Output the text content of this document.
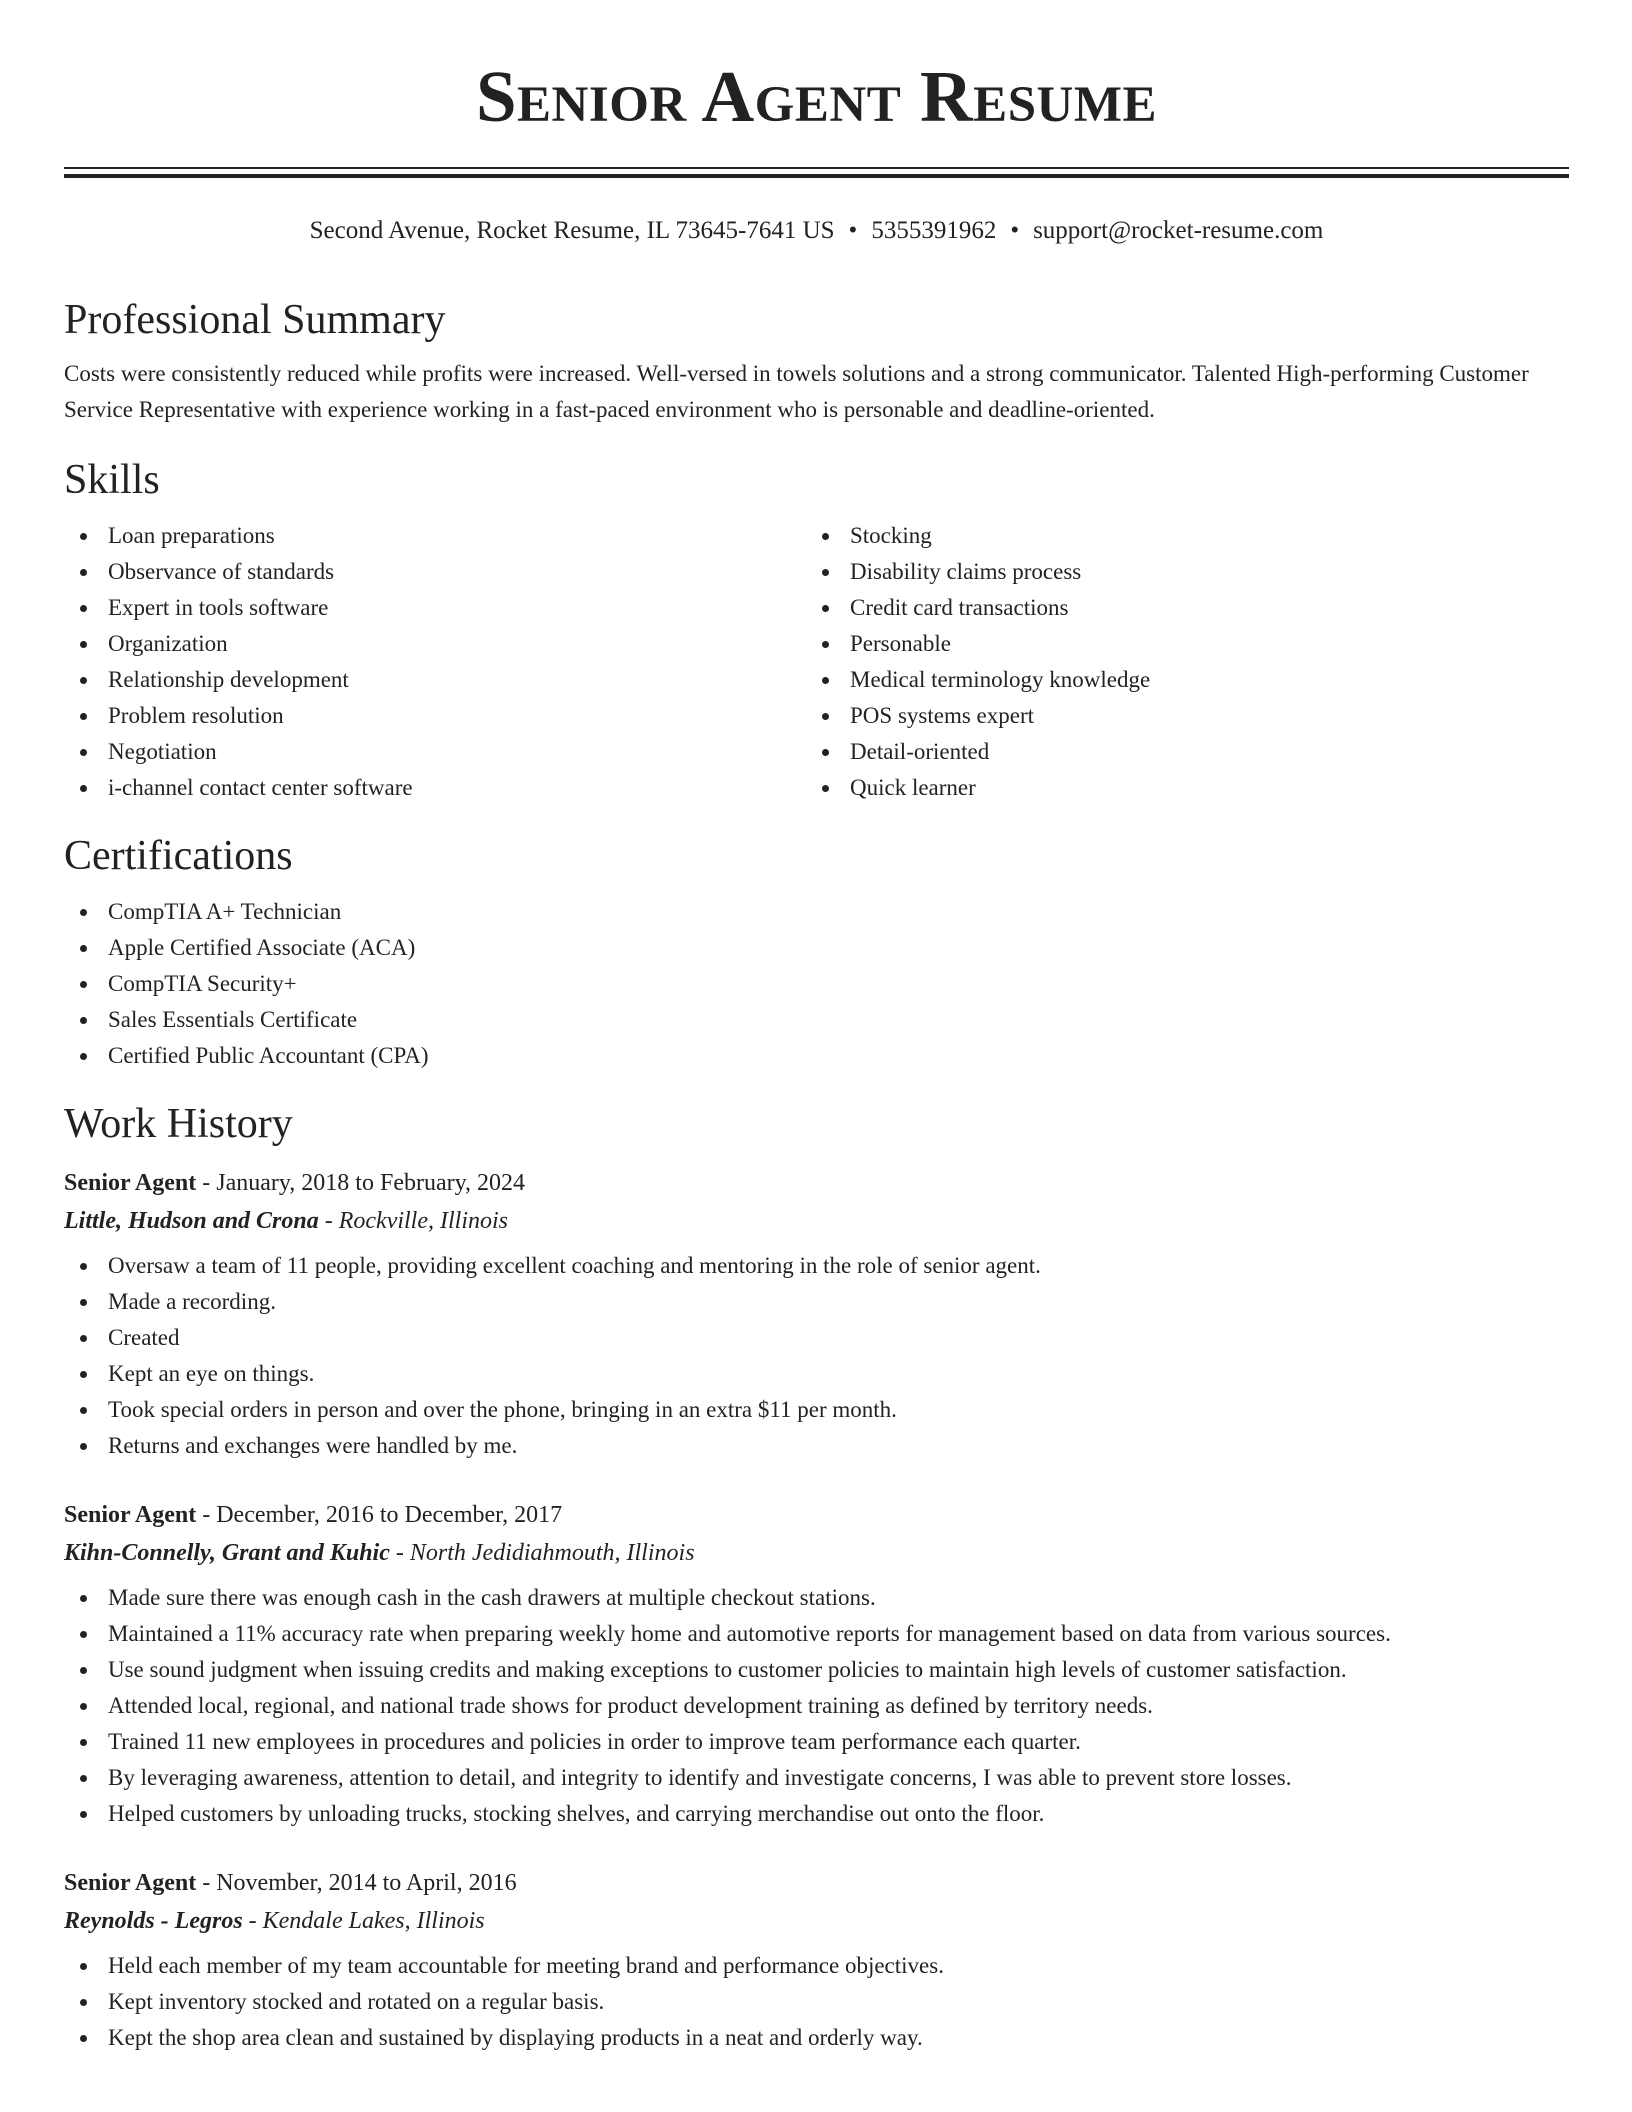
Senior Agent Resume
Second Avenue, Rocket Resume, IL 73645-7641 US • 5355391962 • support@rocket-resume.com
Professional Summary

Costs were consistently reduced while profits were increased. Well-versed in towels solutions and a strong communicator. Talented High-performing Customer Service Representative with experience working in a fast-paced environment who is personable and deadline-oriented.

Skills
Loan preparations
Observance of standards
Expert in tools software
Organization
Relationship development
Problem resolution
Negotiation
i-channel contact center software
Stocking
Disability claims process
Credit card transactions
Personable
Medical terminology knowledge
POS systems expert
Detail-oriented
Quick learner
Certifications
CompTIA A+ Technician
Apple Certified Associate (ACA)
CompTIA Security+
Sales Essentials Certificate
Certified Public Accountant (CPA)
Work History
Senior Agent - January, 2018 to February, 2024
Little, Hudson and Crona - Rockville, Illinois
Oversaw a team of 11 people, providing excellent coaching and mentoring in the role of senior agent.
Made a recording.
Created
Kept an eye on things.
Took special orders in person and over the phone, bringing in an extra $11 per month.
Returns and exchanges were handled by me.
Senior Agent - December, 2016 to December, 2017
Kihn-Connelly, Grant and Kuhic - North Jedidiahmouth, Illinois
Made sure there was enough cash in the cash drawers at multiple checkout stations.
Maintained a 11% accuracy rate when preparing weekly home and automotive reports for management based on data from various sources.
Use sound judgment when issuing credits and making exceptions to customer policies to maintain high levels of customer satisfaction.
Attended local, regional, and national trade shows for product development training as defined by territory needs.
Trained 11 new employees in procedures and policies in order to improve team performance each quarter.
By leveraging awareness, attention to detail, and integrity to identify and investigate concerns, I was able to prevent store losses.
Helped customers by unloading trucks, stocking shelves, and carrying merchandise out onto the floor.
Senior Agent - November, 2014 to April, 2016
Reynolds - Legros - Kendale Lakes, Illinois
Held each member of my team accountable for meeting brand and performance objectives.
Kept inventory stocked and rotated on a regular basis.
Kept the shop area clean and sustained by displaying products in a neat and orderly way.
